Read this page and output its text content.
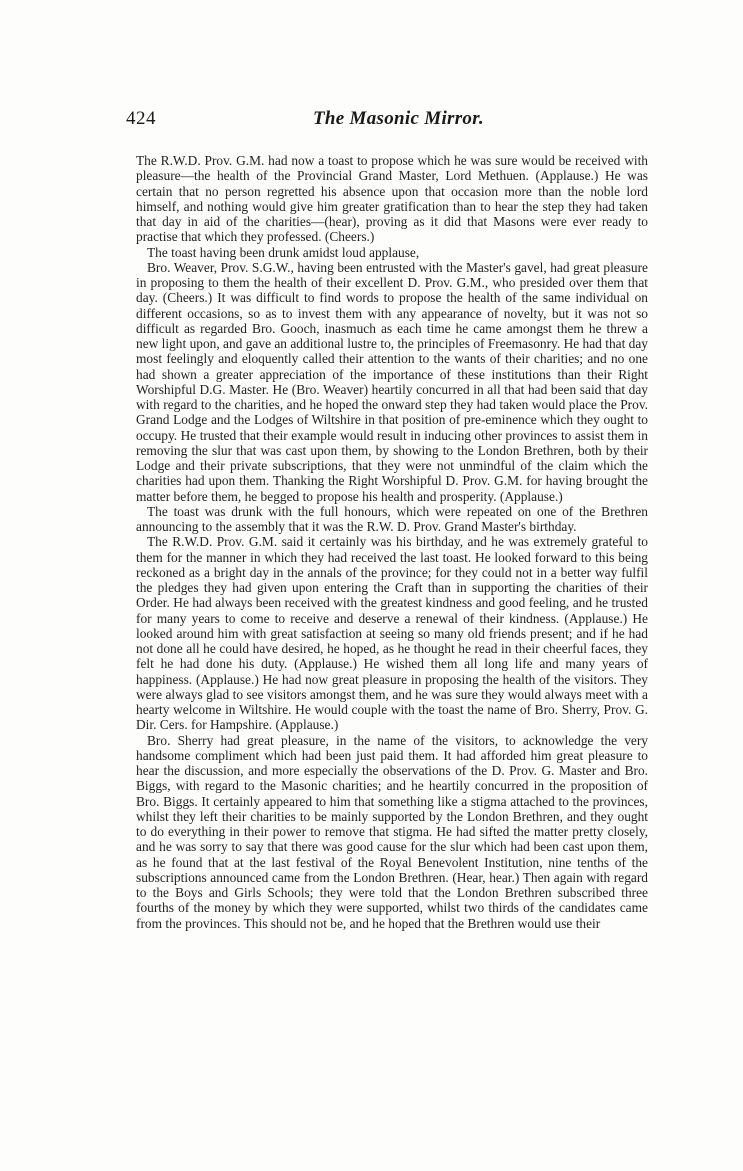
424	The Masonic Mirror.

The R.W.D. Prov. G.M. had now a toast to propose which he was sure would be received with pleasure—the health of the Provincial Grand Master, Lord Methuen. (Applause.) He was certain that no person regretted his absence upon that occasion more than the noble lord himself, and nothing would give him greater gratification than to hear the step they had taken that day in aid of the charities—(hear), proving as it did that Masons were ever ready to practise that which they professed. (Cheers.)

The toast having been drunk amidst loud applause,

Bro. Weaver, Prov. S.G.W., having been entrusted with the Master's gavel, had great pleasure in proposing to them the health of their excellent D. Prov. G.M., who presided over them that day. (Cheers.) It was difficult to find words to propose the health of the same individual on different occasions, so as to invest them with any appearance of novelty, but it was not so difficult as regarded Bro. Gooch, inasmuch as each time he came amongst them he threw a new light upon, and gave an additional lustre to, the principles of Freemasonry. He had that day most feelingly and eloquently called their attention to the wants of their charities; and no one had shown a greater appreciation of the importance of these institutions than their Right Worshipful D.G. Master. He (Bro. Weaver) heartily concurred in all that had been said that day with regard to the charities, and he hoped the onward step they had taken would place the Prov. Grand Lodge and the Lodges of Wiltshire in that position of pre-eminence which they ought to occupy. He trusted that their example would result in inducing other provinces to assist them in removing the slur that was cast upon them, by showing to the London Brethren, both by their Lodge and their private subscriptions, that they were not unmindful of the claim which the charities had upon them. Thanking the Right Worshipful D. Prov. G.M. for having brought the matter before them, he begged to propose his health and prosperity. (Applause.)

The toast was drunk with the full honours, which were repeated on one of the Brethren announcing to the assembly that it was the R.W. D. Prov. Grand Master's birthday.

The R.W.D. Prov. G.M. said it certainly was his birthday, and he was extremely grateful to them for the manner in which they had received the last toast. He looked forward to this being reckoned as a bright day in the annals of the province; for they could not in a better way fulfil the pledges they had given upon entering the Craft than in supporting the charities of their Order. He had always been received with the greatest kindness and good feeling, and he trusted for many years to come to receive and deserve a renewal of their kindness. (Applause.) He looked around him with great satisfaction at seeing so many old friends present; and if he had not done all he could have desired, he hoped, as he thought he read in their cheerful faces, they felt he had done his duty. (Applause.) He wished them all long life and many years of happiness. (Applause.) He had now great pleasure in proposing the health of the visitors. They were always glad to see visitors amongst them, and he was sure they would always meet with a hearty welcome in Wiltshire. He would couple with the toast the name of Bro. Sherry, Prov. G. Dir. Cers. for Hampshire. (Applause.)

Bro. Sherry had great pleasure, in the name of the visitors, to acknowledge the very handsome compliment which had been just paid them. It had afforded him great pleasure to hear the discussion, and more especially the observations of the D. Prov. G. Master and Bro. Biggs, with regard to the Masonic charities; and he heartily concurred in the proposition of Bro. Biggs. It certainly appeared to him that something like a stigma attached to the provinces, whilst they left their charities to be mainly supported by the London Brethren, and they ought to do everything in their power to remove that stigma. He had sifted the matter pretty closely, and he was sorry to say that there was good cause for the slur which had been cast upon them, as he found that at the last festival of the Royal Benevolent Institution, nine tenths of the subscriptions announced came from the London Brethren. (Hear, hear.) Then again with regard to the Boys and Girls Schools; they were told that the London Brethren subscribed three fourths of the money by which they were supported, whilst two thirds of the candidates came from the provinces. This should not be, and he hoped that the Brethren would use their
